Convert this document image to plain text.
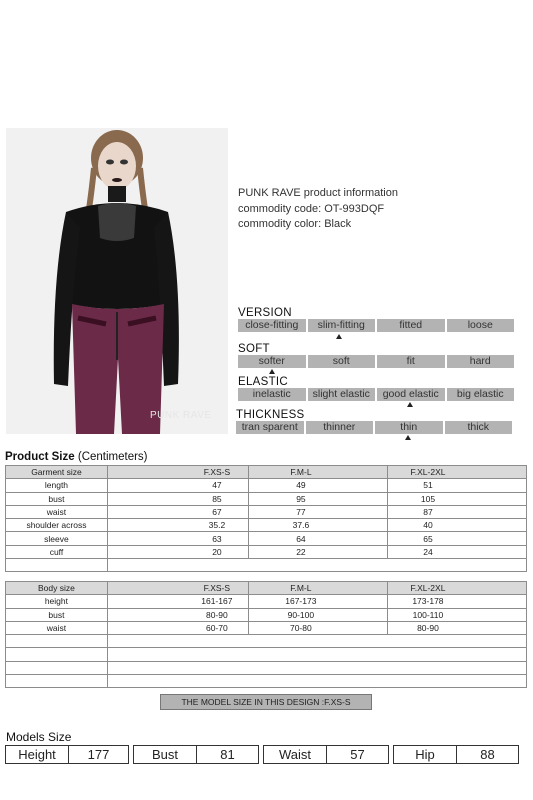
PUNK RAVE
PUNK RAVE product information
commodity code: OT-993DQF
commodity color: Black
VERSION
close-fitting	slim-fitting	fitted	loose
SOFT
softer	soft	fit	hard
ELASTIC
inelastic	slight elastic	good elastic	big elastic
THICKNESS
tran sparent	thinner	thin	thick
Product Size (Centimeters)
Garment size	F.XS-S	F.M-L	F.XL-2XL
length	47	49	51
bust	85	95	105
waist	67	77	87
shoulder across	35.2	37.6	40
sleeve	63	64	65
cuff	20	22	24

Body size	F.XS-S	F.M-L	F.XL-2XL
height	161-167	167-173	173-178
bust	80-90	90-100	100-110
waist	60-70	70-80	80-90

THE MODEL SIZE IN THIS DESIGN :F.XS-S
Models Size
Height	177	Bust	81	Waist	57	Hip	88
